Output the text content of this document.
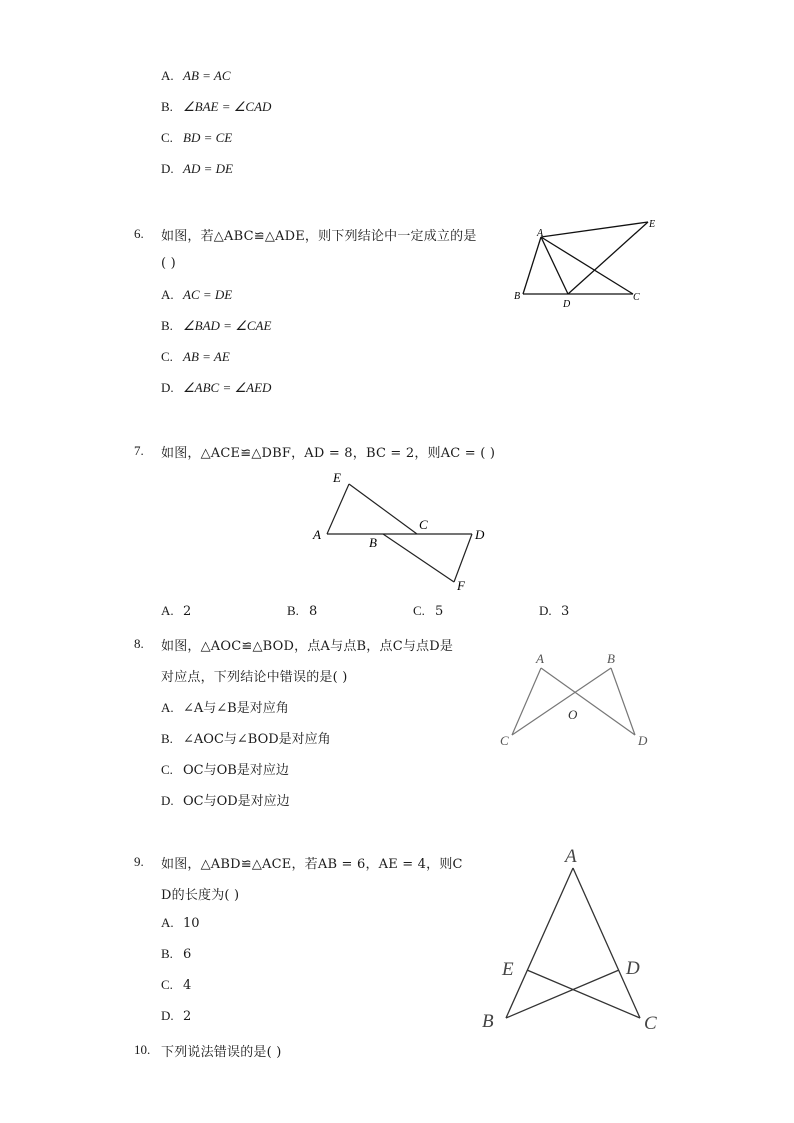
A. AB = AC
B. ∠BAE = ∠CAD
C. BD = CE
D. AD = DE
6. 如图，若△ABC≌△ADE，则下列结论中一定成立的是
( )
A. AC = DE
B. ∠BAD = ∠CAE
C. AB = AE
D. ∠ABC = ∠AED
A
B	C
D
E
7. 如图，△ACE≌△DBF，AD = 8，BC = 2，则AC = ( )
A
B
C
D
E
F
A. 2	B. 8	C. 5	D. 3
8. 如图，△AOC≌△BOD，点A与点B，点C与点D是
对应点，下列结论中错误的是( )
A. ∠A与∠B是对应角
B. ∠AOC与∠BOD是对应角
C. OC与OB是对应边
D. OC与OD是对应边
A	B
C	D
O
9. 如图，△ABD≌△ACE，若AB = 6，AE = 4，则C
D的长度为( )
A. 10
B. 6
C. 4
D. 2
A
E	D
B	C
10. 下列说法错误的是( )
